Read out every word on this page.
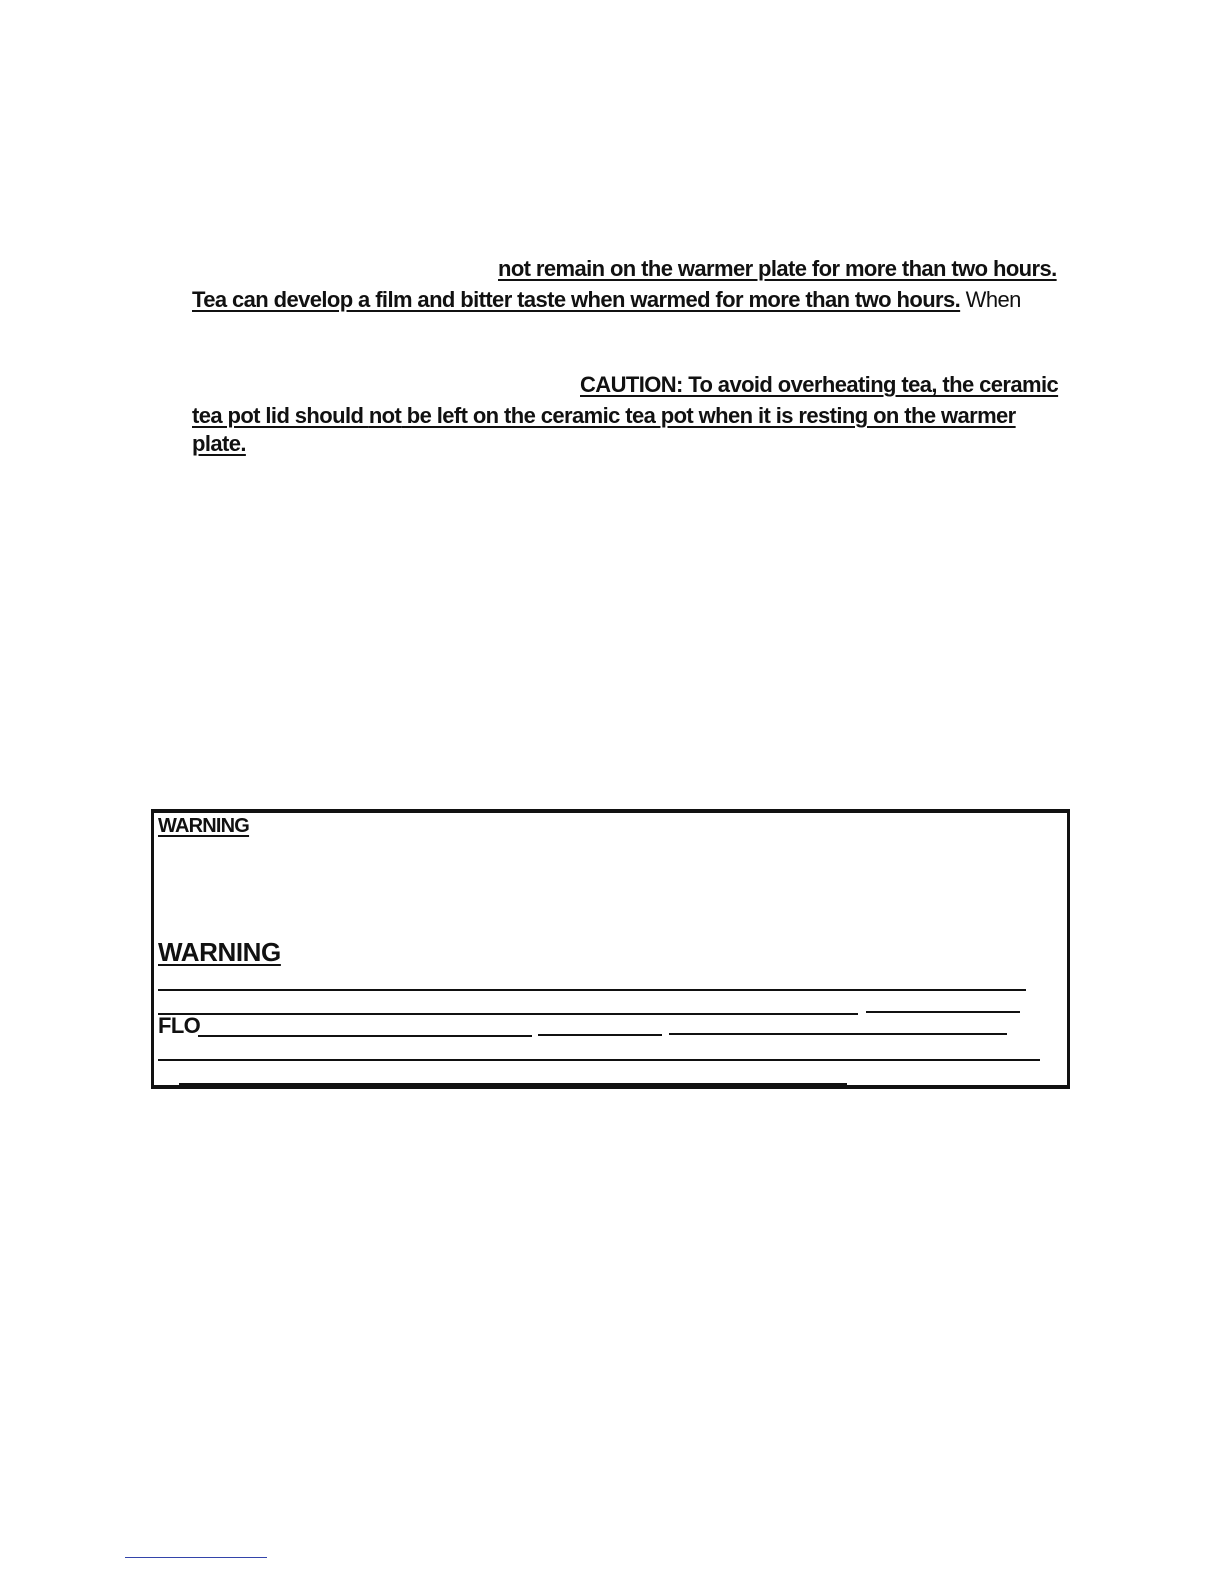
not remain on the warmer plate for more than two hours.
Tea can develop a film and bitter taste when warmed for more than two hours. When
CAUTION: To avoid overheating tea, the ceramic
tea pot lid should not be left on the ceramic tea pot when it is resting on the warmer
plate.
WARNING
WARNING
FLO
